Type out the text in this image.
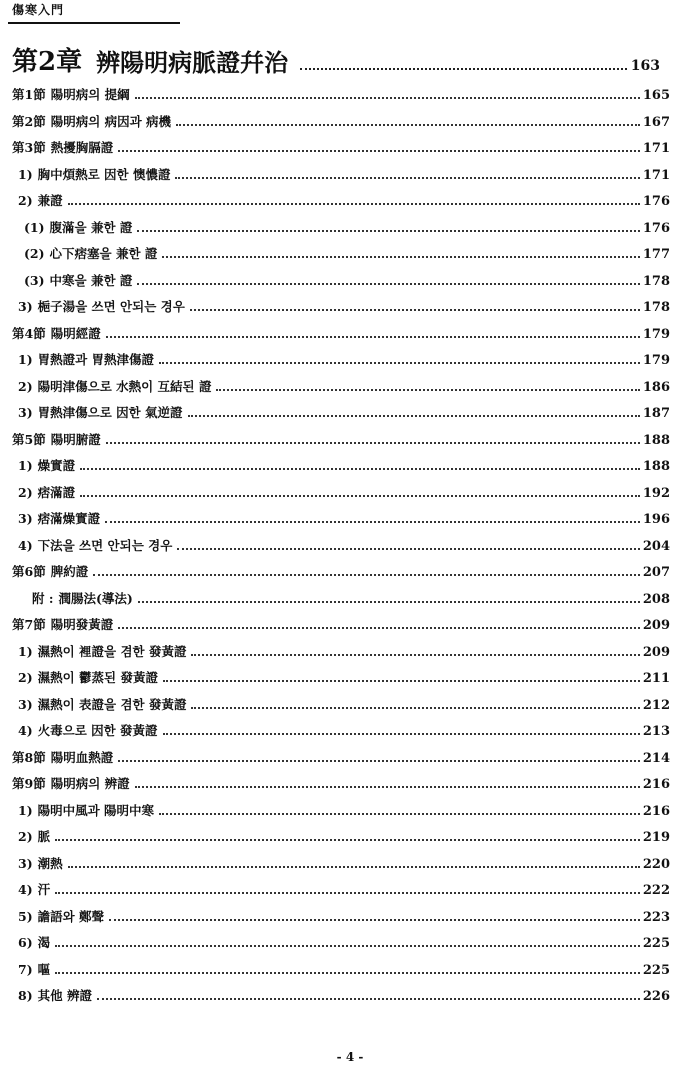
傷寒入門
第2章 辨陽明病脈證幷治	163
第1節 陽明病의 提綱	165
第2節 陽明病의 病因과 病機	167
第3節 熱擾胸膈證	171
1) 胸中煩熱로 因한 懊憹證	171
2) 兼證	176
(1) 腹滿을 兼한 證	176
(2) 心下痞塞을 兼한 證	177
(3) 中寒을 兼한 證	178
3) 梔子湯을 쓰면 안되는 경우	178
第4節 陽明經證	179
1) 胃熱證과 胃熱津傷證	179
2) 陽明津傷으로 水熱이 互結된 證	186
3) 胃熱津傷으로 因한 氣逆證	187
第5節 陽明腑證	188
1) 燥實證	188
2) 痞滿證	192
3) 痞滿燥實證	196
4) 下法을 쓰면 안되는 경우	204
第6節 脾約證	207
附 : 潤腸法(導法)	208
第7節 陽明發黃證	209
1) 濕熱이 裡證을 겸한 發黃證	209
2) 濕熱이 鬱蒸된 發黃證	211
3) 濕熱이 表證을 겸한 發黃證	212
4) 火毒으로 因한 發黃證	213
第8節 陽明血熱證	214
第9節 陽明病의 辨證	216
1) 陽明中風과 陽明中寒	216
2) 脈	219
3) 潮熱	220
4) 汗	222
5) 譫語와 鄭聲	223
6) 渴	225
7) 嘔	225
8) 其他 辨證	226
- 4 -
